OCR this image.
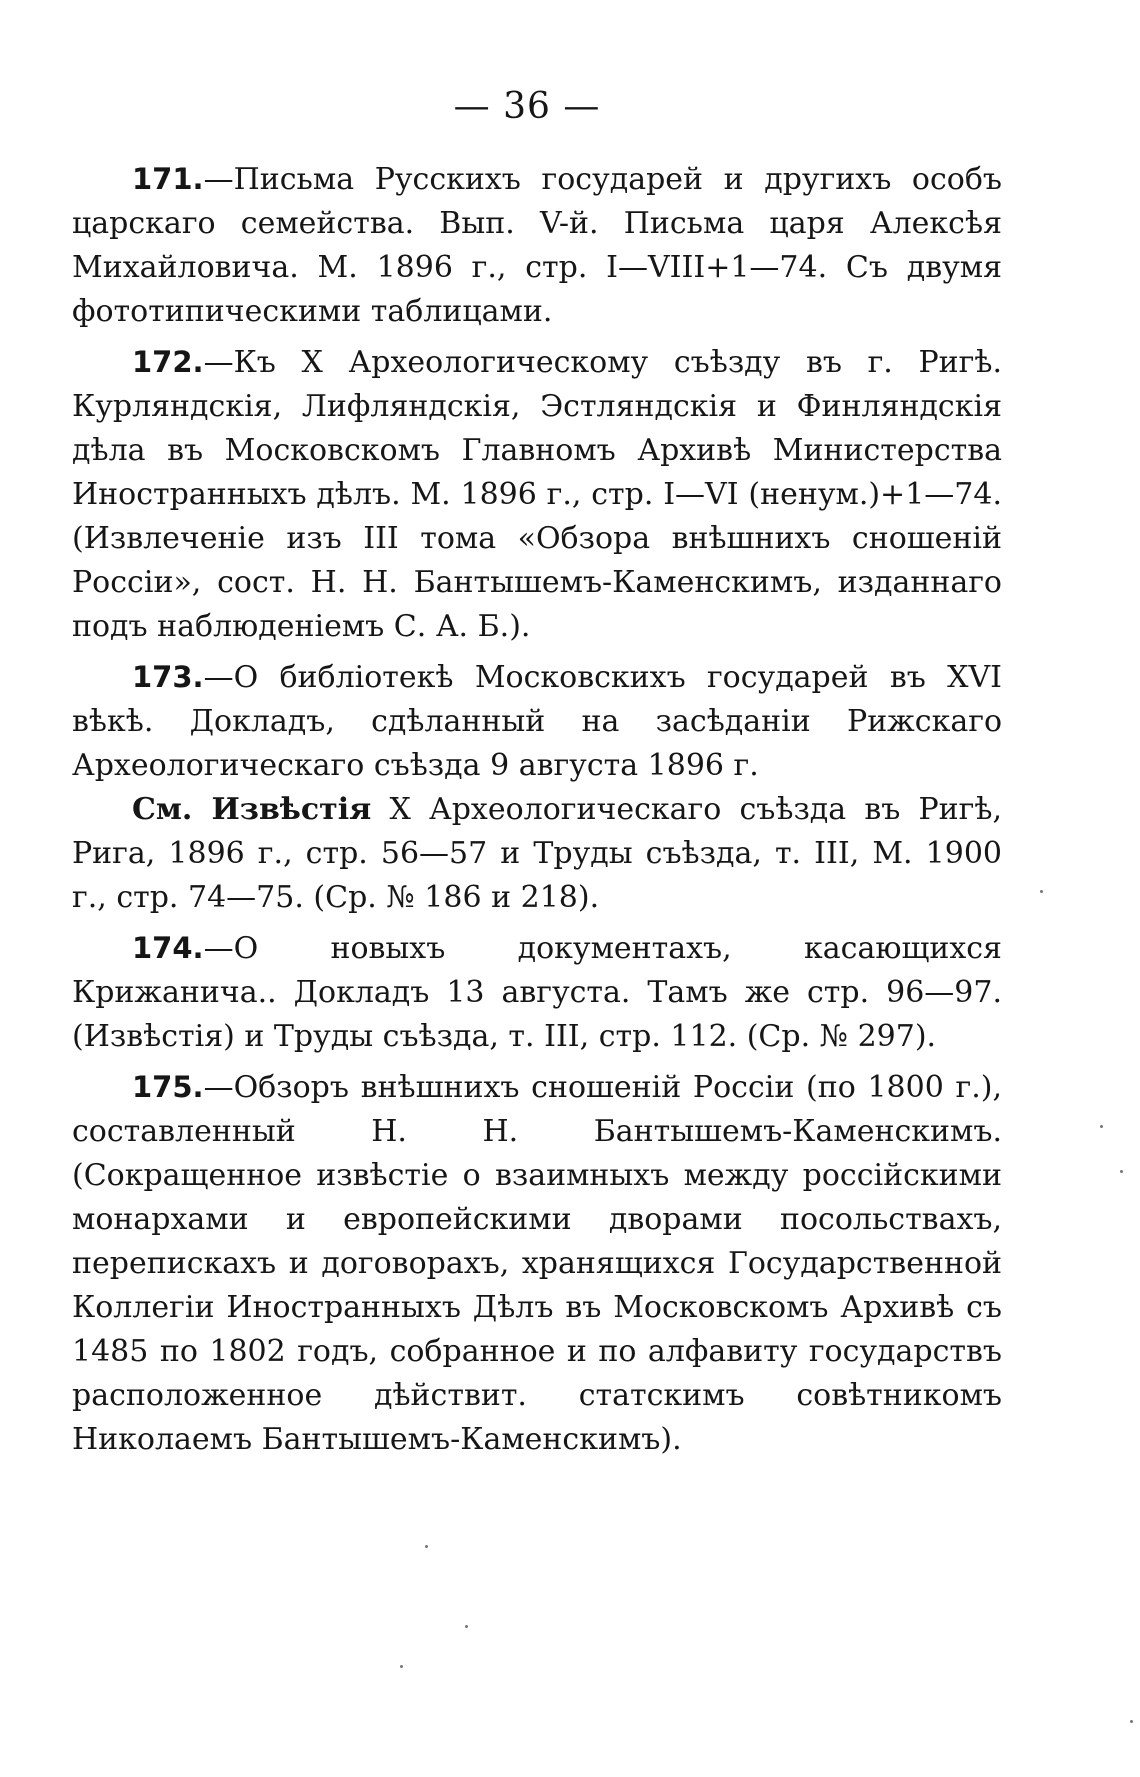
— 36 —

171.—Письма Русскихъ государей и другихъ особъ царскаго семейства. Вып. V-й. Письма царя Алексѣя Михайловича. М. 1896 г., стр. I—VIII+1—74. Съ двумя фототипическими таблицами.

172.—Къ X Археологическому съѣзду въ г. Ригѣ. Курляндскія, Лифляндскія, Эстляндскія и Финляндскія дѣла въ Московскомъ Главномъ Архивѣ Министерства Иностранныхъ дѣлъ. М. 1896 г., стр. I—VI (ненум.)+1—74. (Извлеченіе изъ III тома «Обзора внѣшнихъ сношеній Россіи», сост. Н. Н. Бантышемъ-Каменскимъ, изданнаго подъ наблюденіемъ С. А. Б.).

173.—О библіотекѣ Московскихъ государей въ XVI вѣкѣ. Докладъ, сдѣланный на засѣданіи Рижскаго Археологическаго съѣзда 9 августа 1896 г.

См. Извѣстія X Археологическаго съѣзда въ Ригѣ, Рига, 1896 г., стр. 56—57 и Труды съѣзда, т. III, М. 1900 г., стр. 74—75. (Ср. № 186 и 218).

174.—О новыхъ документахъ, касающихся Крижанича.. Докладъ 13 августа. Тамъ же стр. 96—97. (Извѣстія) и Труды съѣзда, т. III, стр. 112. (Ср. № 297).

175.—Обзоръ внѣшнихъ сношеній Россіи (по 1800 г.), составленный Н. Н. Бантышемъ-Каменскимъ. (Сокращенное извѣстіе о взаимныхъ между россійскими монархами и европейскими дворами посольствахъ, перепискахъ и договорахъ, хранящихся Государственной Коллегіи Иностранныхъ Дѣлъ въ Московскомъ Архивѣ съ 1485 по 1802 годъ, собранное и по алфавиту государствъ расположенное дѣйствит. статскимъ совѣтникомъ Николаемъ Бантышемъ-Каменскимъ).
